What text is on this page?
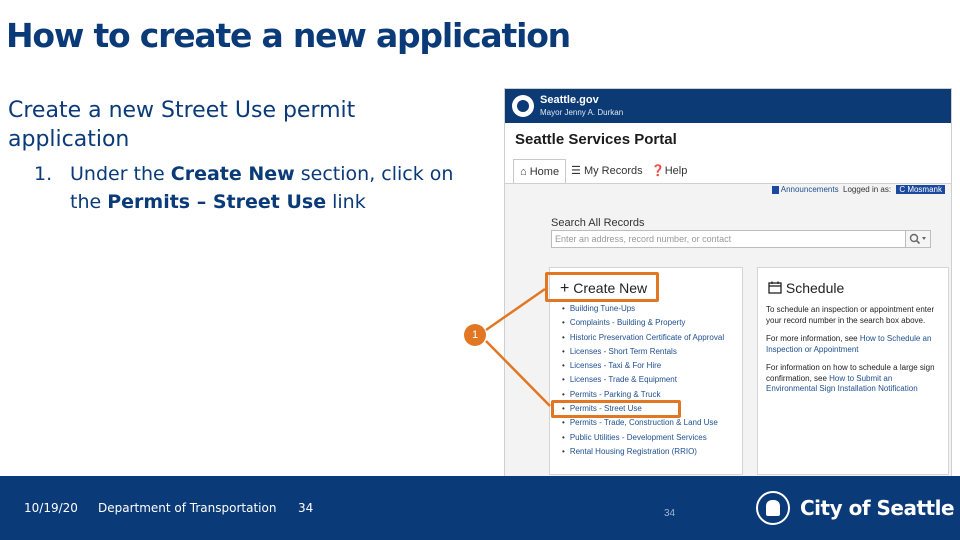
How to create a new application
Create a new Street Use permit application
1. Under the Create New section, click on the Permits – Street Use link
Seattle.gov
Mayor Jenny A. Durkan
Seattle Services Portal
⌂ Home	☰ My Records ❓Help
Announcements Logged in as: C Mosmank
Search All Records
Enter an address, record number, or contact
+ Create New
• Building Tune-Ups
• Complaints - Building & Property
• Historic Preservation Certificate of Approval
• Licenses - Short Term Rentals
• Licenses - Taxi & For Hire
• Licenses - Trade & Equipment
• Permits - Parking & Truck
• Permits - Street Use
• Permits - Trade, Construction & Land Use
• Public Utilities - Development Services
• Rental Housing Registration (RRIO)
Schedule

To schedule an inspection or appointment enter your record number in the search box above.

For more information, see How to Schedule an Inspection or Appointment

For information on how to schedule a large sign confirmation, see How to Submit an Environmental Sign Installation Notification

1
10/19/20 Department of Transportation 34	34	City of Seattle
